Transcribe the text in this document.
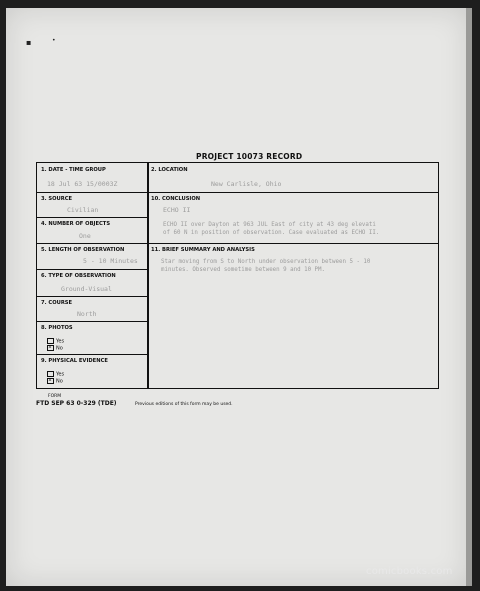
▪	•
PROJECT 10073 RECORD
1. DATE - TIME GROUP
18 Jul 63 15/0003Z
3. SOURCE
Civilian
4. NUMBER OF OBJECTS
One
5. LENGTH OF OBSERVATION
5 - 10 Minutes
6. TYPE OF OBSERVATION
Ground-Visual
7. COURSE
North
8. PHOTOS
Yes
xNo
9. PHYSICAL EVIDENCE
Yes
xNo
2. LOCATION
New Carlisle, Ohio
10. CONCLUSION
ECHO II
ECHO II over Dayton at 963 JUL East of city at 43 deg elevati
of 60 N in position of observation. Case evaluated as ECHO II.
11. BRIEF SUMMARY AND ANALYSIS
Star moving from S to North under observation between 5 - 10
minutes. Observed sometime between 9 and 10 PM.
FORM
FTD SEP 63 0-329 (TDE)	Previous editions of this form may be used.
comicbooks.com
